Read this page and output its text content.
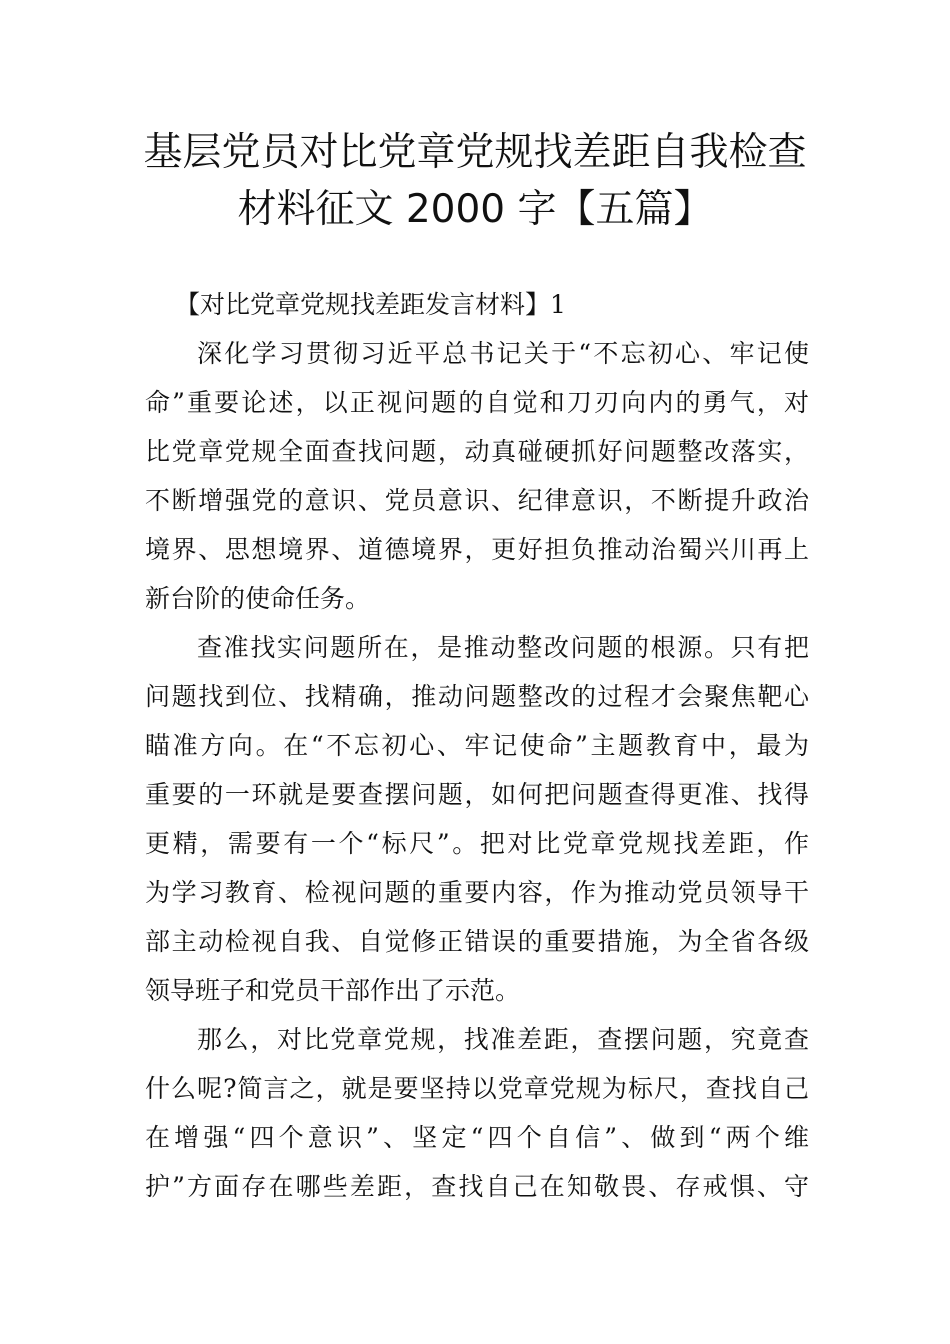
基层党员对比党章党规找差距自我检查
材料征文 2000 字【五篇】
【对比党章党规找差距发言材料】1
深化学习贯彻习近平总书记关于“不忘初心、牢记使
命”重要论述，以正视问题的自觉和刀刃向内的勇气，对
比党章党规全面查找问题，动真碰硬抓好问题整改落实，
不断增强党的意识、党员意识、纪律意识，不断提升政治
境界、思想境界、道德境界，更好担负推动治蜀兴川再上
新台阶的使命任务。
查准找实问题所在，是推动整改问题的根源。只有把
问题找到位、找精确，推动问题整改的过程才会聚焦靶心
瞄准方向。在“不忘初心、牢记使命”主题教育中，最为
重要的一环就是要查摆问题，如何把问题查得更准、找得
更精，需要有一个“标尺”。把对比党章党规找差距，作
为学习教育、检视问题的重要内容，作为推动党员领导干
部主动检视自我、自觉修正错误的重要措施，为全省各级
领导班子和党员干部作出了示范。
那么，对比党章党规，找准差距，查摆问题，究竟查
什么呢?简言之，就是要坚持以党章党规为标尺，查找自己
在增强“四个意识”、坚定“四个自信”、做到“两个维
护”方面存在哪些差距，查找自己在知敬畏、存戒惧、守
